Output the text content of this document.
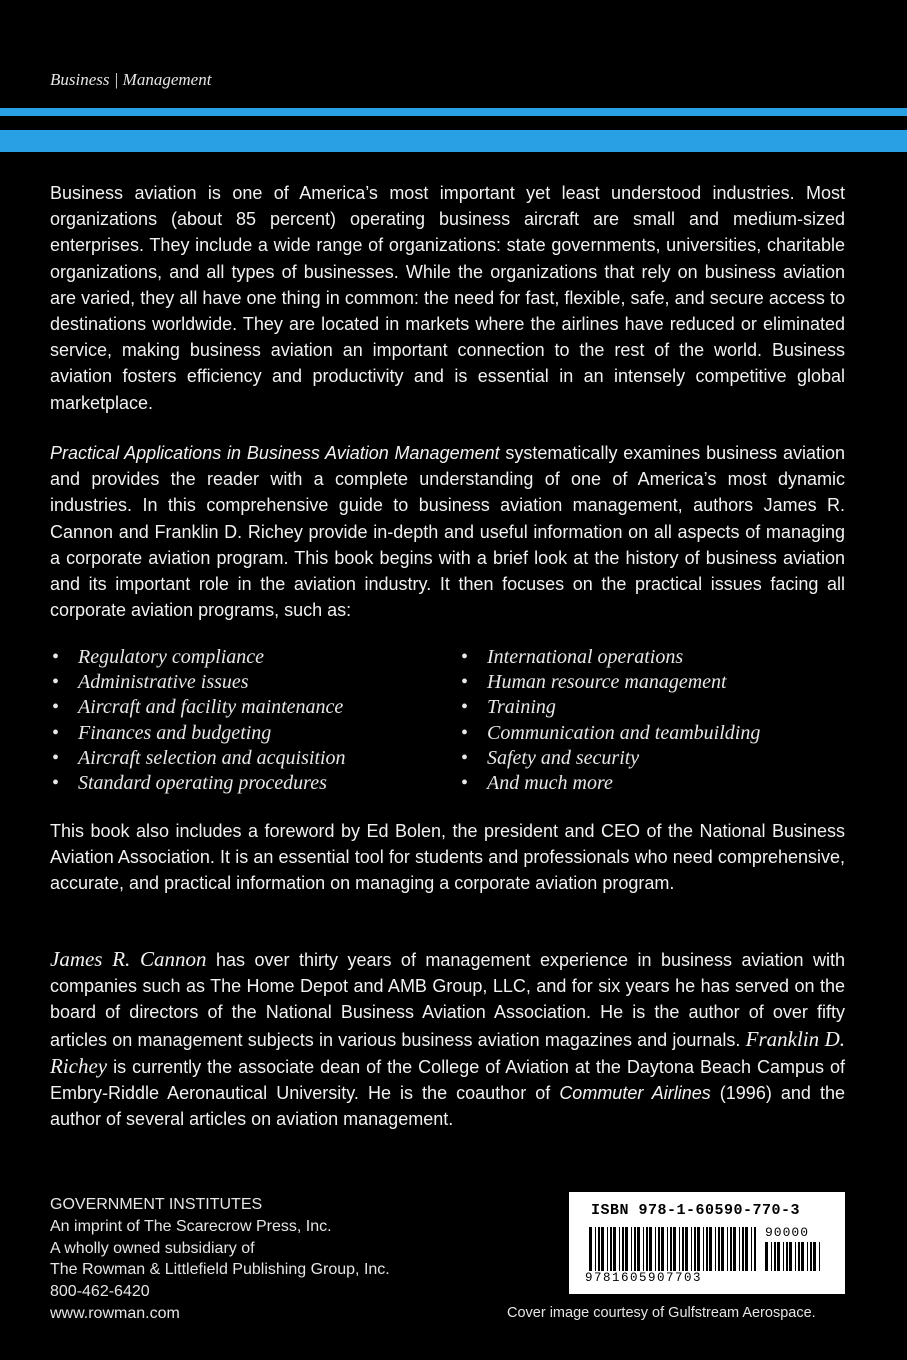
Business | Management
Business aviation is one of America’s most important yet least understood industries. Most organizations (about 85 percent) operating business aircraft are small and medium-sized enterprises. They include a wide range of organizations: state governments, universities, charitable organizations, and all types of businesses. While the organizations that rely on business aviation are varied, they all have one thing in common: the need for fast, flexible, safe, and secure access to destinations worldwide. They are located in markets where the airlines have reduced or eliminated service, making business aviation an important connection to the rest of the world. Business aviation fosters efficiency and productivity and is essential in an intensely competitive global marketplace.
Practical Applications in Business Aviation Management systematically examines business aviation and provides the reader with a complete understanding of one of America’s most dynamic industries. In this comprehensive guide to business aviation management, authors James R. Cannon and Franklin D. Richey provide in-depth and useful information on all aspects of managing a corporate aviation program. This book begins with a brief look at the history of business aviation and its important role in the aviation industry. It then focuses on the practical issues facing all corporate aviation programs, such as:
• Regulatory compliance
• Administrative issues
• Aircraft and facility maintenance
• Finances and budgeting
• Aircraft selection and acquisition
• Standard operating procedures
• International operations
• Human resource management
• Training
• Communication and teambuilding
• Safety and security
• And much more
This book also includes a foreword by Ed Bolen, the president and CEO of the National Business Aviation Association. It is an essential tool for students and professionals who need comprehensive, accurate, and practical information on managing a corporate aviation program.
James R. Cannon has over thirty years of management experience in business aviation with companies such as The Home Depot and AMB Group, LLC, and for six years he has served on the board of directors of the National Business Aviation Association. He is the author of over fifty articles on management subjects in various business aviation magazines and journals. Franklin D. Richey is currently the associate dean of the College of Aviation at the Daytona Beach Campus of Embry-Riddle Aeronautical University. He is the coauthor of Commuter Airlines (1996) and the author of several articles on aviation management.
GOVERNMENT INSTITUTES
An imprint of The Scarecrow Press, Inc.
A wholly owned subsidiary of
The Rowman & Littlefield Publishing Group, Inc.
800-462-6420
www.rowman.com
ISBN 978-1-60590-770-3
90000
9781605907703
Cover image courtesy of Gulfstream Aerospace.
